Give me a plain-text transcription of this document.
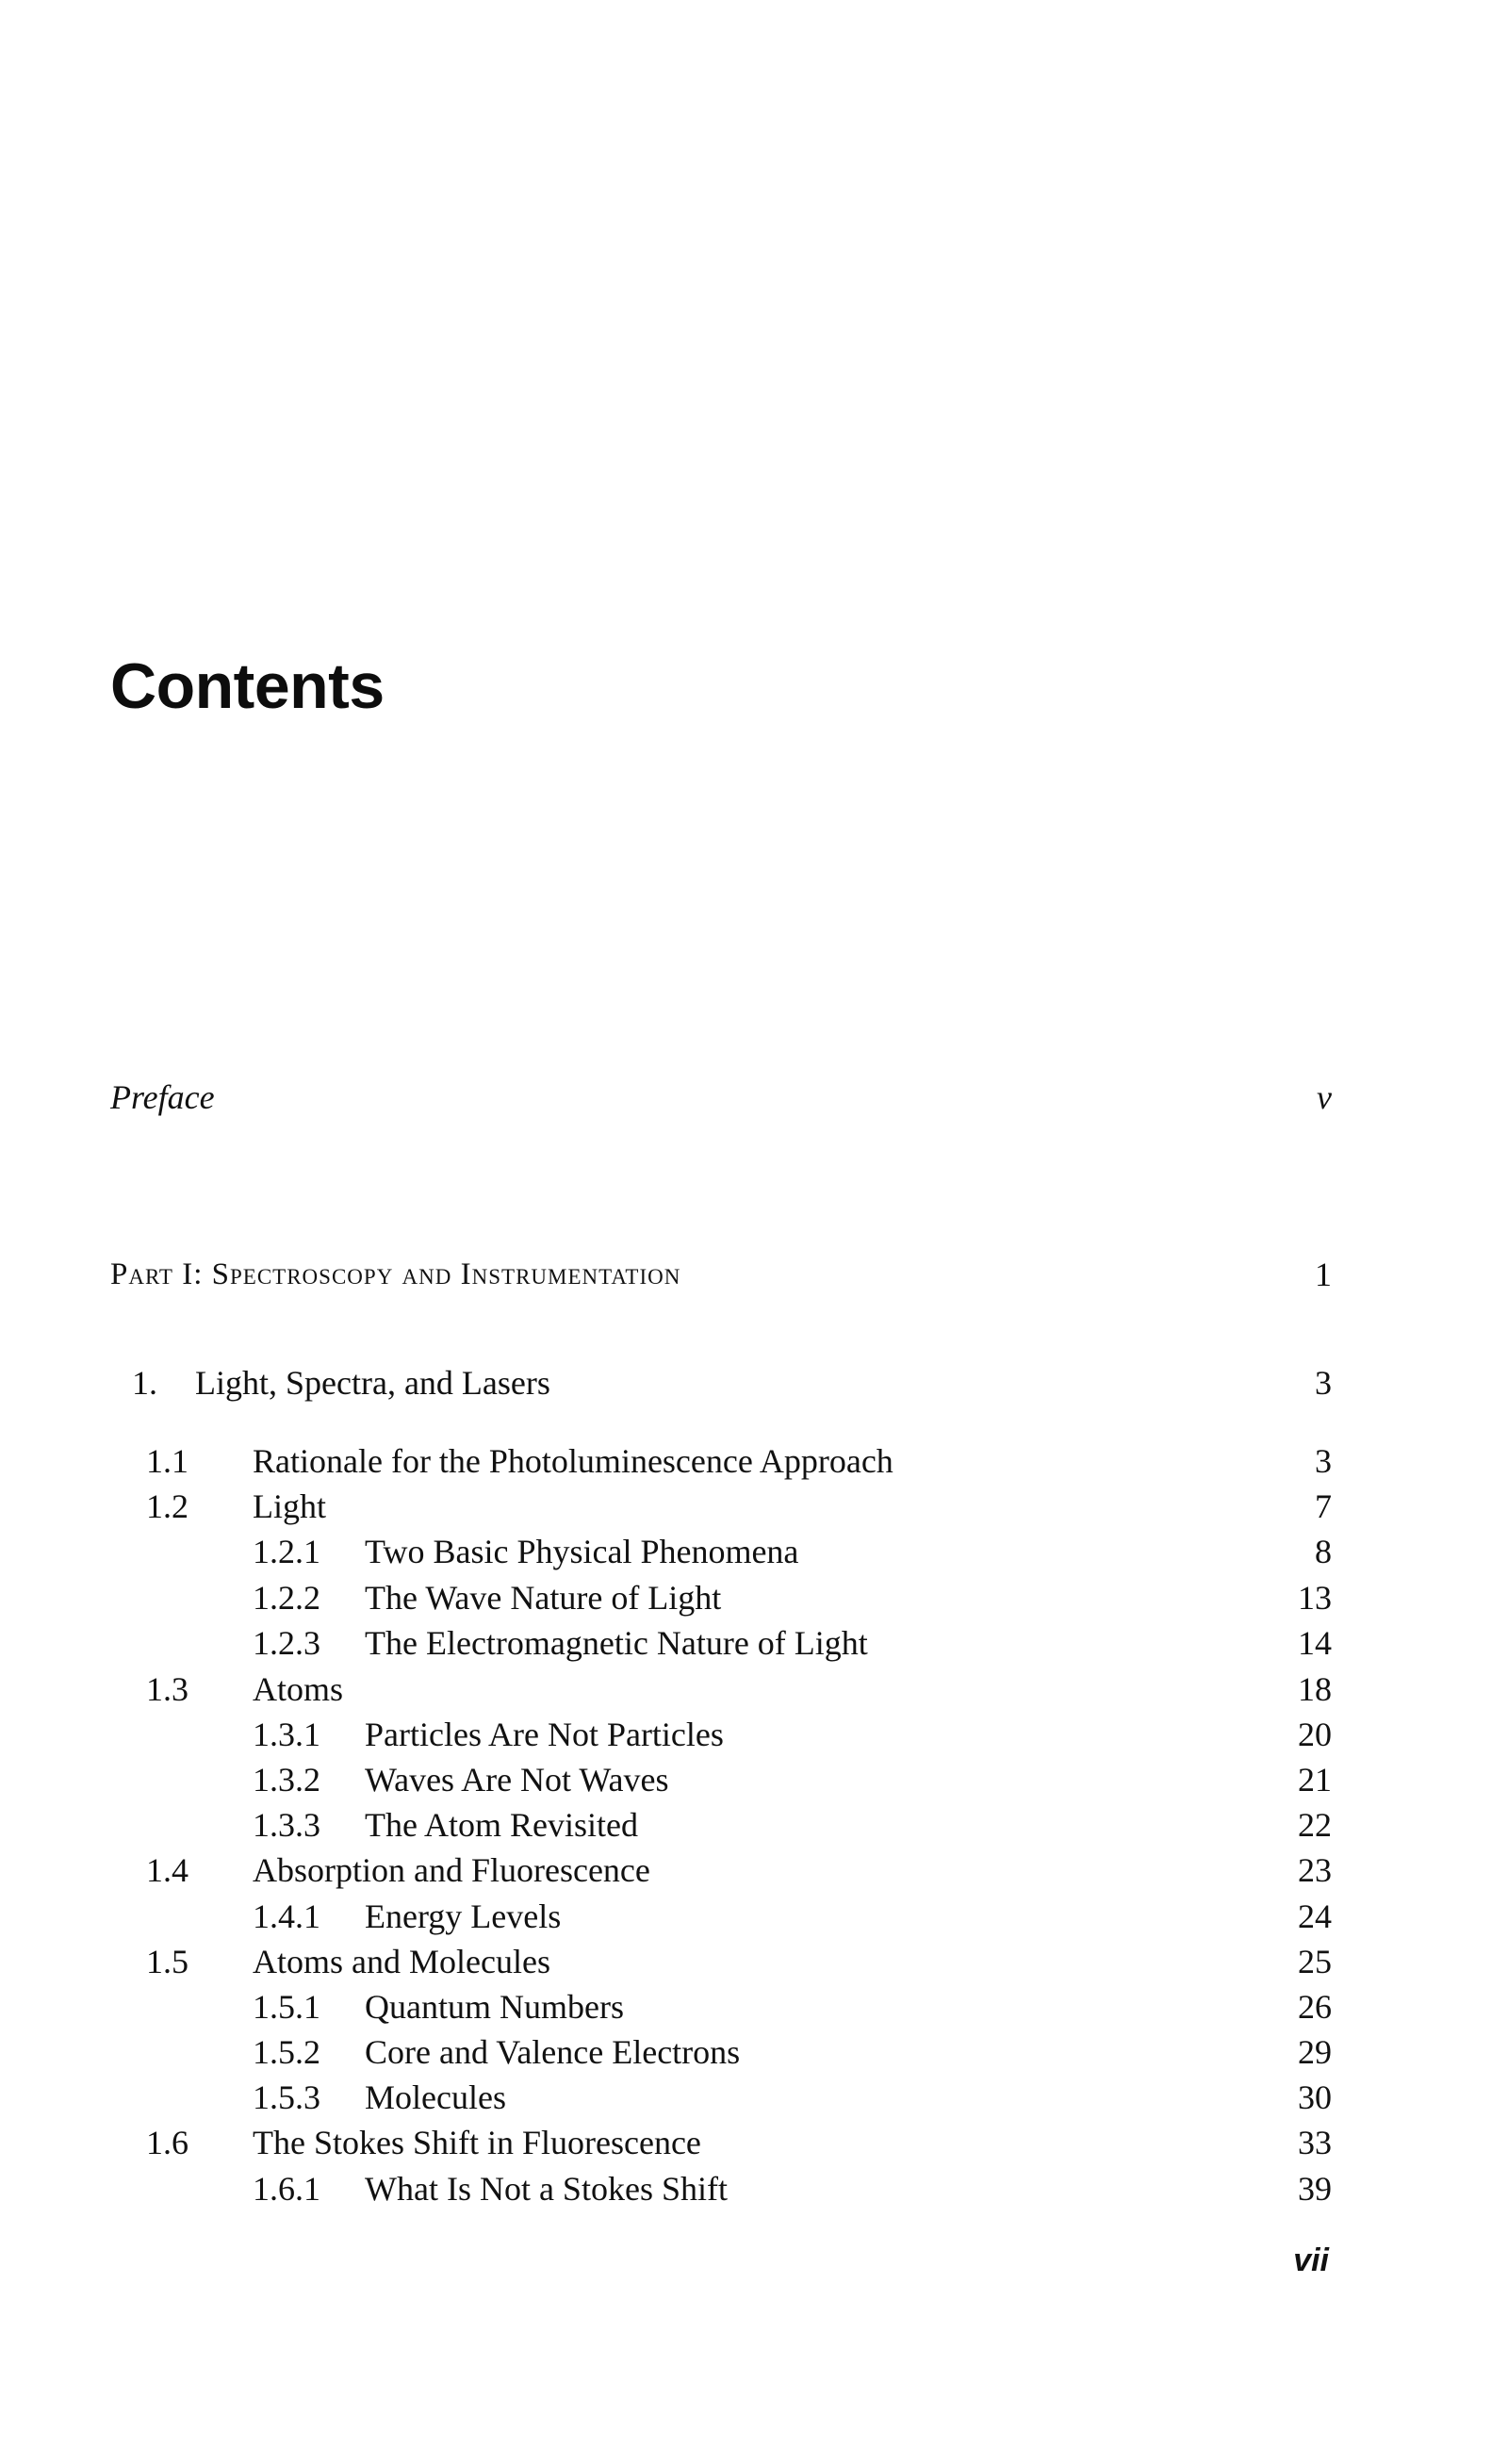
Contents
Preface	v
Part I: Spectroscopy and Instrumentation	1
1. Light, Spectra, and Lasers	3
1.1 Rationale for the Photoluminescence Approach	3
1.2 Light	7
1.2.1 Two Basic Physical Phenomena	8
1.2.2 The Wave Nature of Light	13
1.2.3 The Electromagnetic Nature of Light	14
1.3 Atoms	18
1.3.1 Particles Are Not Particles	20
1.3.2 Waves Are Not Waves	21
1.3.3 The Atom Revisited	22
1.4 Absorption and Fluorescence	23
1.4.1 Energy Levels	24
1.5 Atoms and Molecules	25
1.5.1 Quantum Numbers	26
1.5.2 Core and Valence Electrons	29
1.5.3 Molecules	30
1.6 The Stokes Shift in Fluorescence	33
1.6.1 What Is Not a Stokes Shift	39
vii
